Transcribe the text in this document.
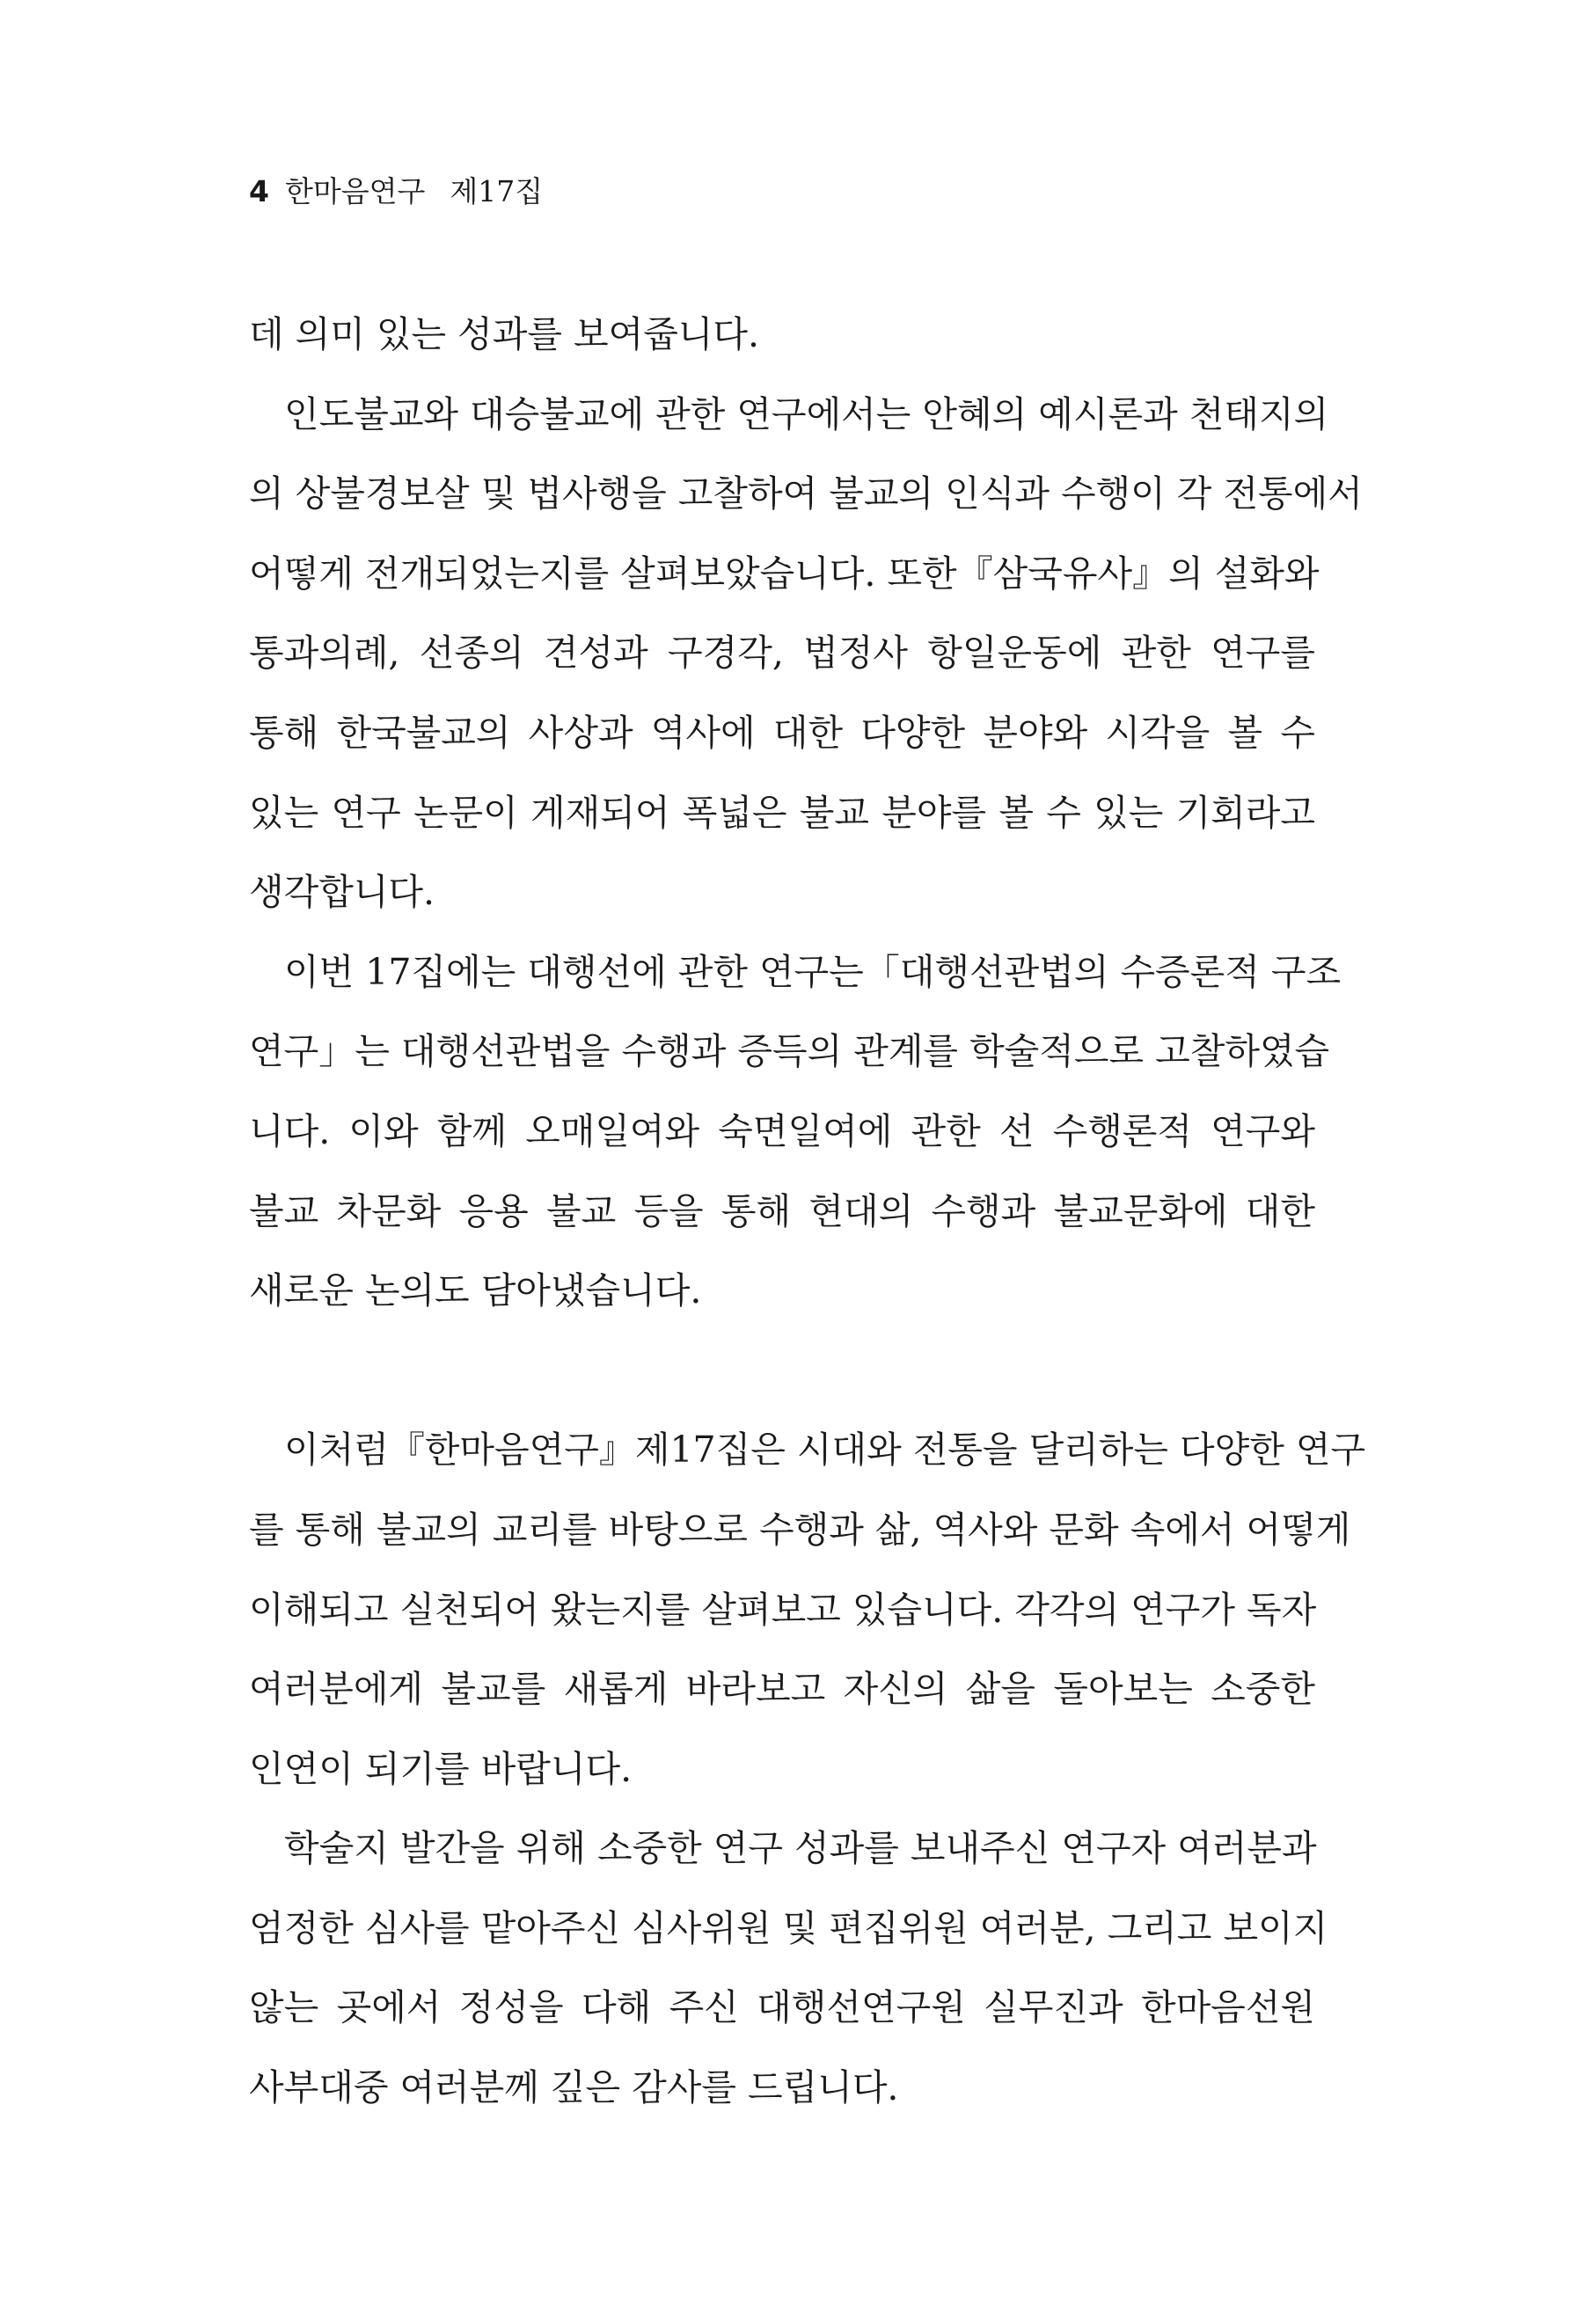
4 한마음연구 제17집
데 의미 있는 성과를 보여줍니다.
인도불교와 대승불교에 관한 연구에서는 안혜의 예시론과 천태지의
의 상불경보살 및 법사행을 고찰하여 불교의 인식과 수행이 각 전통에서
어떻게 전개되었는지를 살펴보았습니다. 또한『삼국유사』의 설화와
통과의례, 선종의 견성과 구경각, 법정사 항일운동에 관한 연구를
통해 한국불교의 사상과 역사에 대한 다양한 분야와 시각을 볼 수
있는 연구 논문이 게재되어 폭넓은 불교 분야를 볼 수 있는 기회라고
생각합니다.
이번 17집에는 대행선에 관한 연구는「대행선관법의 수증론적 구조
연구」는 대행선관법을 수행과 증득의 관계를 학술적으로 고찰하였습
니다. 이와 함께 오매일여와 숙면일여에 관한 선 수행론적 연구와
불교 차문화 응용 불교 등을 통해 현대의 수행과 불교문화에 대한
새로운 논의도 담아냈습니다.
이처럼『한마음연구』제17집은 시대와 전통을 달리하는 다양한 연구
를 통해 불교의 교리를 바탕으로 수행과 삶, 역사와 문화 속에서 어떻게
이해되고 실천되어 왔는지를 살펴보고 있습니다. 각각의 연구가 독자
여러분에게 불교를 새롭게 바라보고 자신의 삶을 돌아보는 소중한
인연이 되기를 바랍니다.
학술지 발간을 위해 소중한 연구 성과를 보내주신 연구자 여러분과
엄정한 심사를 맡아주신 심사위원 및 편집위원 여러분, 그리고 보이지
않는 곳에서 정성을 다해 주신 대행선연구원 실무진과 한마음선원
사부대중 여러분께 깊은 감사를 드립니다.
